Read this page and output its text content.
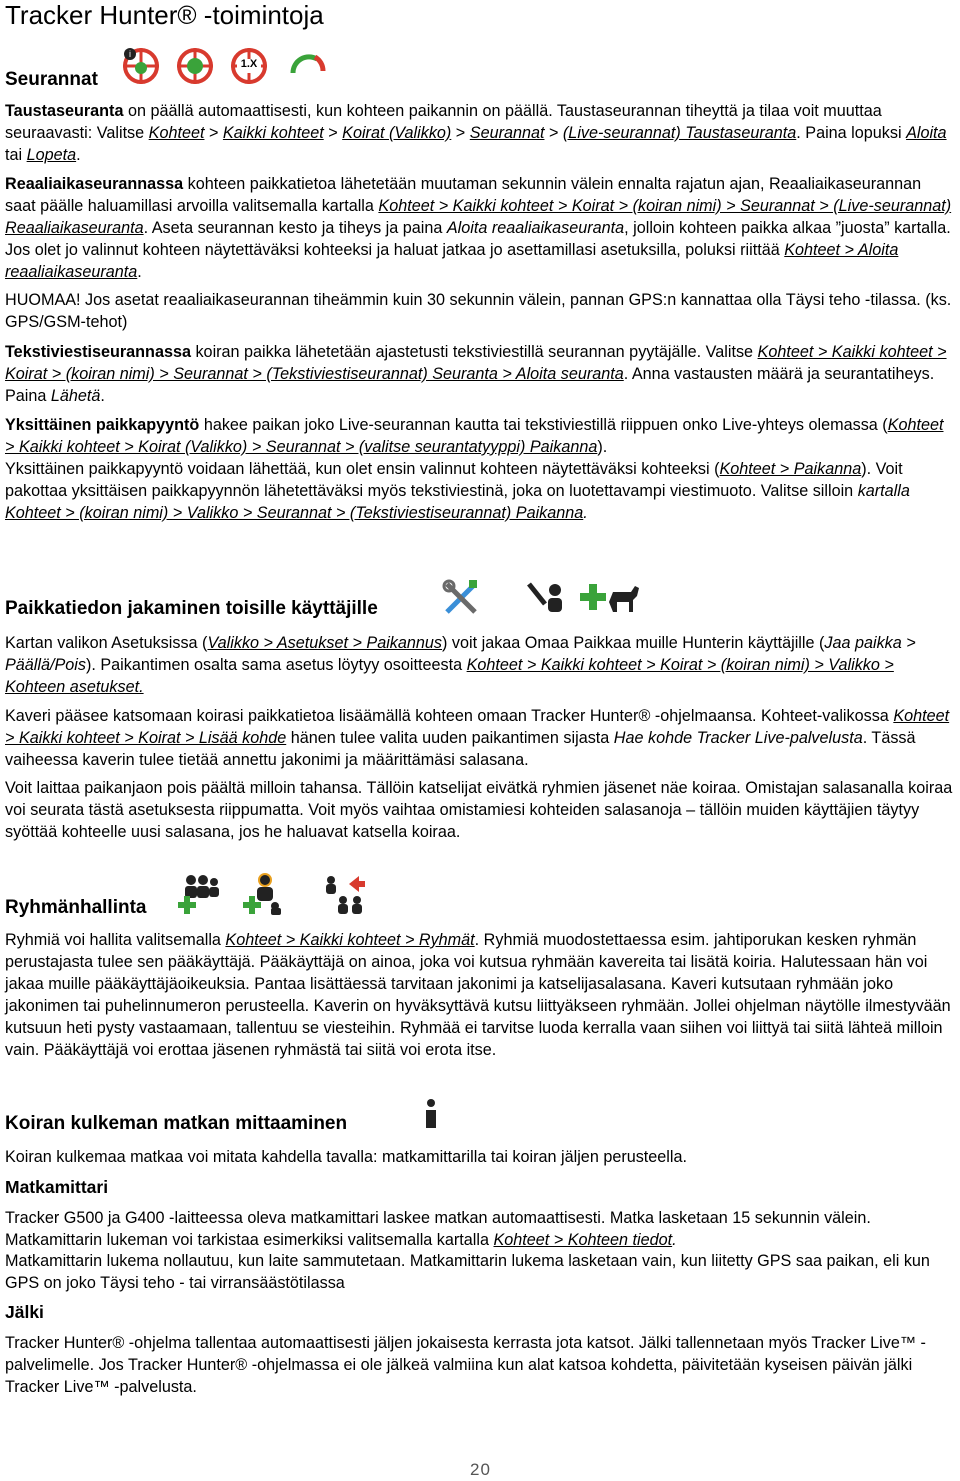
Tracker Hunter® -toimintoja
Seurannat
i
1.X

Taustaseuranta on päällä automaattisesti, kun kohteen paikannin on päällä. Taustaseurannan tiheyttä ja tilaa voit muuttaa seuraavasti: Valitse Kohteet > Kaikki kohteet > Koirat (Valikko) > Seurannat > (Live-seurannat) Taustaseuranta. Paina lopuksi Aloita tai Lopeta.

Reaaliaikaseurannassa kohteen paikkatietoa lähetetään muutaman sekunnin välein ennalta rajatun ajan, Reaaliaikaseurannan saat päälle haluamillasi arvoilla valitsemalla kartalla Kohteet > Kaikki kohteet > Koirat > (koiran nimi) > Seurannat > (Live-seurannat) Reaaliaikaseuranta. Aseta seurannan kesto ja tiheys ja paina Aloita reaaliaikaseuranta, jolloin kohteen paikka alkaa ”juosta” kartalla. Jos olet jo valinnut kohteen näytettäväksi kohteeksi ja haluat jatkaa jo asettamillasi asetuksilla, poluksi riittää Kohteet > Aloita reaaliaikaseuranta.

HUOMAA! Jos asetat reaaliaikaseurannan tiheämmin kuin 30 sekunnin välein, pannan GPS:n kannattaa olla Täysi teho -tilassa. (ks. GPS/GSM-tehot)

Tekstiviestiseurannassa koiran paikka lähetetään ajastetusti tekstiviestillä seurannan pyytäjälle. Valitse Kohteet > Kaikki kohteet > Koirat > (koiran nimi) > Seurannat > (Tekstiviestiseurannat) Seuranta > Aloita seuranta. Anna vastausten määrä ja seurantatiheys. Paina Lähetä.

Yksittäinen paikkapyyntö hakee paikan joko Live-seurannan kautta tai tekstiviestillä riippuen onko Live-yhteys olemassa (Kohteet > Kaikki kohteet > Koirat (Valikko) > Seurannat > (valitse seurantatyyppi) Paikanna).

Yksittäinen paikkapyyntö voidaan lähettää, kun olet ensin valinnut kohteen näytettäväksi kohteeksi (Kohteet > Paikanna). Voit pakottaa yksittäisen paikkapyynnön lähetettäväksi myös tekstiviestinä, joka on luotettavampi viestimuoto. Valitse silloin kartalla Kohteet > (koiran nimi) > Valikko > Seurannat > (Tekstiviestiseurannat) Paikanna.

Paikkatiedon jakaminen toisille käyttäjille

Kartan valikon Asetuksissa (Valikko > Asetukset > Paikannus) voit jakaa Omaa Paikkaa muille Hunterin käyttäjille (Jaa paikka > Päällä/Pois). Paikantimen osalta sama asetus löytyy osoitteesta Kohteet > Kaikki kohteet > Koirat > (koiran nimi) > Valikko > Kohteen asetukset.

Kaveri pääsee katsomaan koirasi paikkatietoa lisäämällä kohteen omaan Tracker Hunter® -ohjelmaansa. Kohteet-valikossa Kohteet > Kaikki kohteet > Koirat > Lisää kohde hänen tulee valita uuden paikantimen sijasta Hae kohde Tracker Live-palvelusta. Tässä vaiheessa kaverin tulee tietää annettu jakonimi ja määrittämäsi salasana.

Voit laittaa paikanjaon pois päältä milloin tahansa. Tällöin katselijat eivätkä ryhmien jäsenet näe koiraa. Omistajan salasanalla koiraa voi seurata tästä asetuksesta riippumatta. Voit myös vaihtaa omistamiesi kohteiden salasanoja – tällöin muiden käyttäjien täytyy syöttää kohteelle uusi salasana, jos he haluavat katsella koiraa.

Ryhmänhallinta

Ryhmiä voi hallita valitsemalla Kohteet > Kaikki kohteet > Ryhmät. Ryhmiä muodostettaessa esim. jahtiporukan kesken ryhmän perustajasta tulee sen pääkäyttäjä. Pääkäyttäjä on ainoa, joka voi kutsua ryhmään kavereita tai lisätä koiria. Halutessaan hän voi jakaa muille pääkäyttäjäoikeuksia. Pantaa lisättäessä tarvitaan jakonimi ja katselijasalasana. Kaveri kutsutaan ryhmään joko jakonimen tai puhelinnumeron perusteella. Kaverin on hyväksyttävä kutsu liittyäkseen ryhmään. Jollei ohjelman näytölle ilmestyvään kutsuun heti pysty vastaamaan, tallentuu se viesteihin. Ryhmää ei tarvitse luoda kerralla vaan siihen voi liittyä tai siitä lähteä milloin vain. Pääkäyttäjä voi erottaa jäsenen ryhmästä tai siitä voi erota itse.

Koiran kulkeman matkan mittaaminen

Koiran kulkemaa matkaa voi mitata kahdella tavalla: matkamittarilla tai koiran jäljen perusteella.

Matkamittari

Tracker G500 ja G400 -laitteessa oleva matkamittari laskee matkan automaattisesti. Matka lasketaan 15 sekunnin välein. Matkamittarin lukeman voi tarkistaa esimerkiksi valitsemalla kartalla Kohteet > Kohteen tiedot.

Matkamittarin lukema nollautuu, kun laite sammutetaan. Matkamittarin lukema lasketaan vain, kun liitetty GPS saa paikan, eli kun GPS on joko Täysi teho - tai virransäästötilassa

Jälki

Tracker Hunter® -ohjelma tallentaa automaattisesti jäljen jokaisesta kerrasta jota katsot. Jälki tallennetaan myös Tracker Live™ -palvelimelle. Jos Tracker Hunter® -ohjelmassa ei ole jälkeä valmiina kun alat katsoa kohdetta, päivitetään kyseisen päivän jälki Tracker Live™ -palvelusta.

20
